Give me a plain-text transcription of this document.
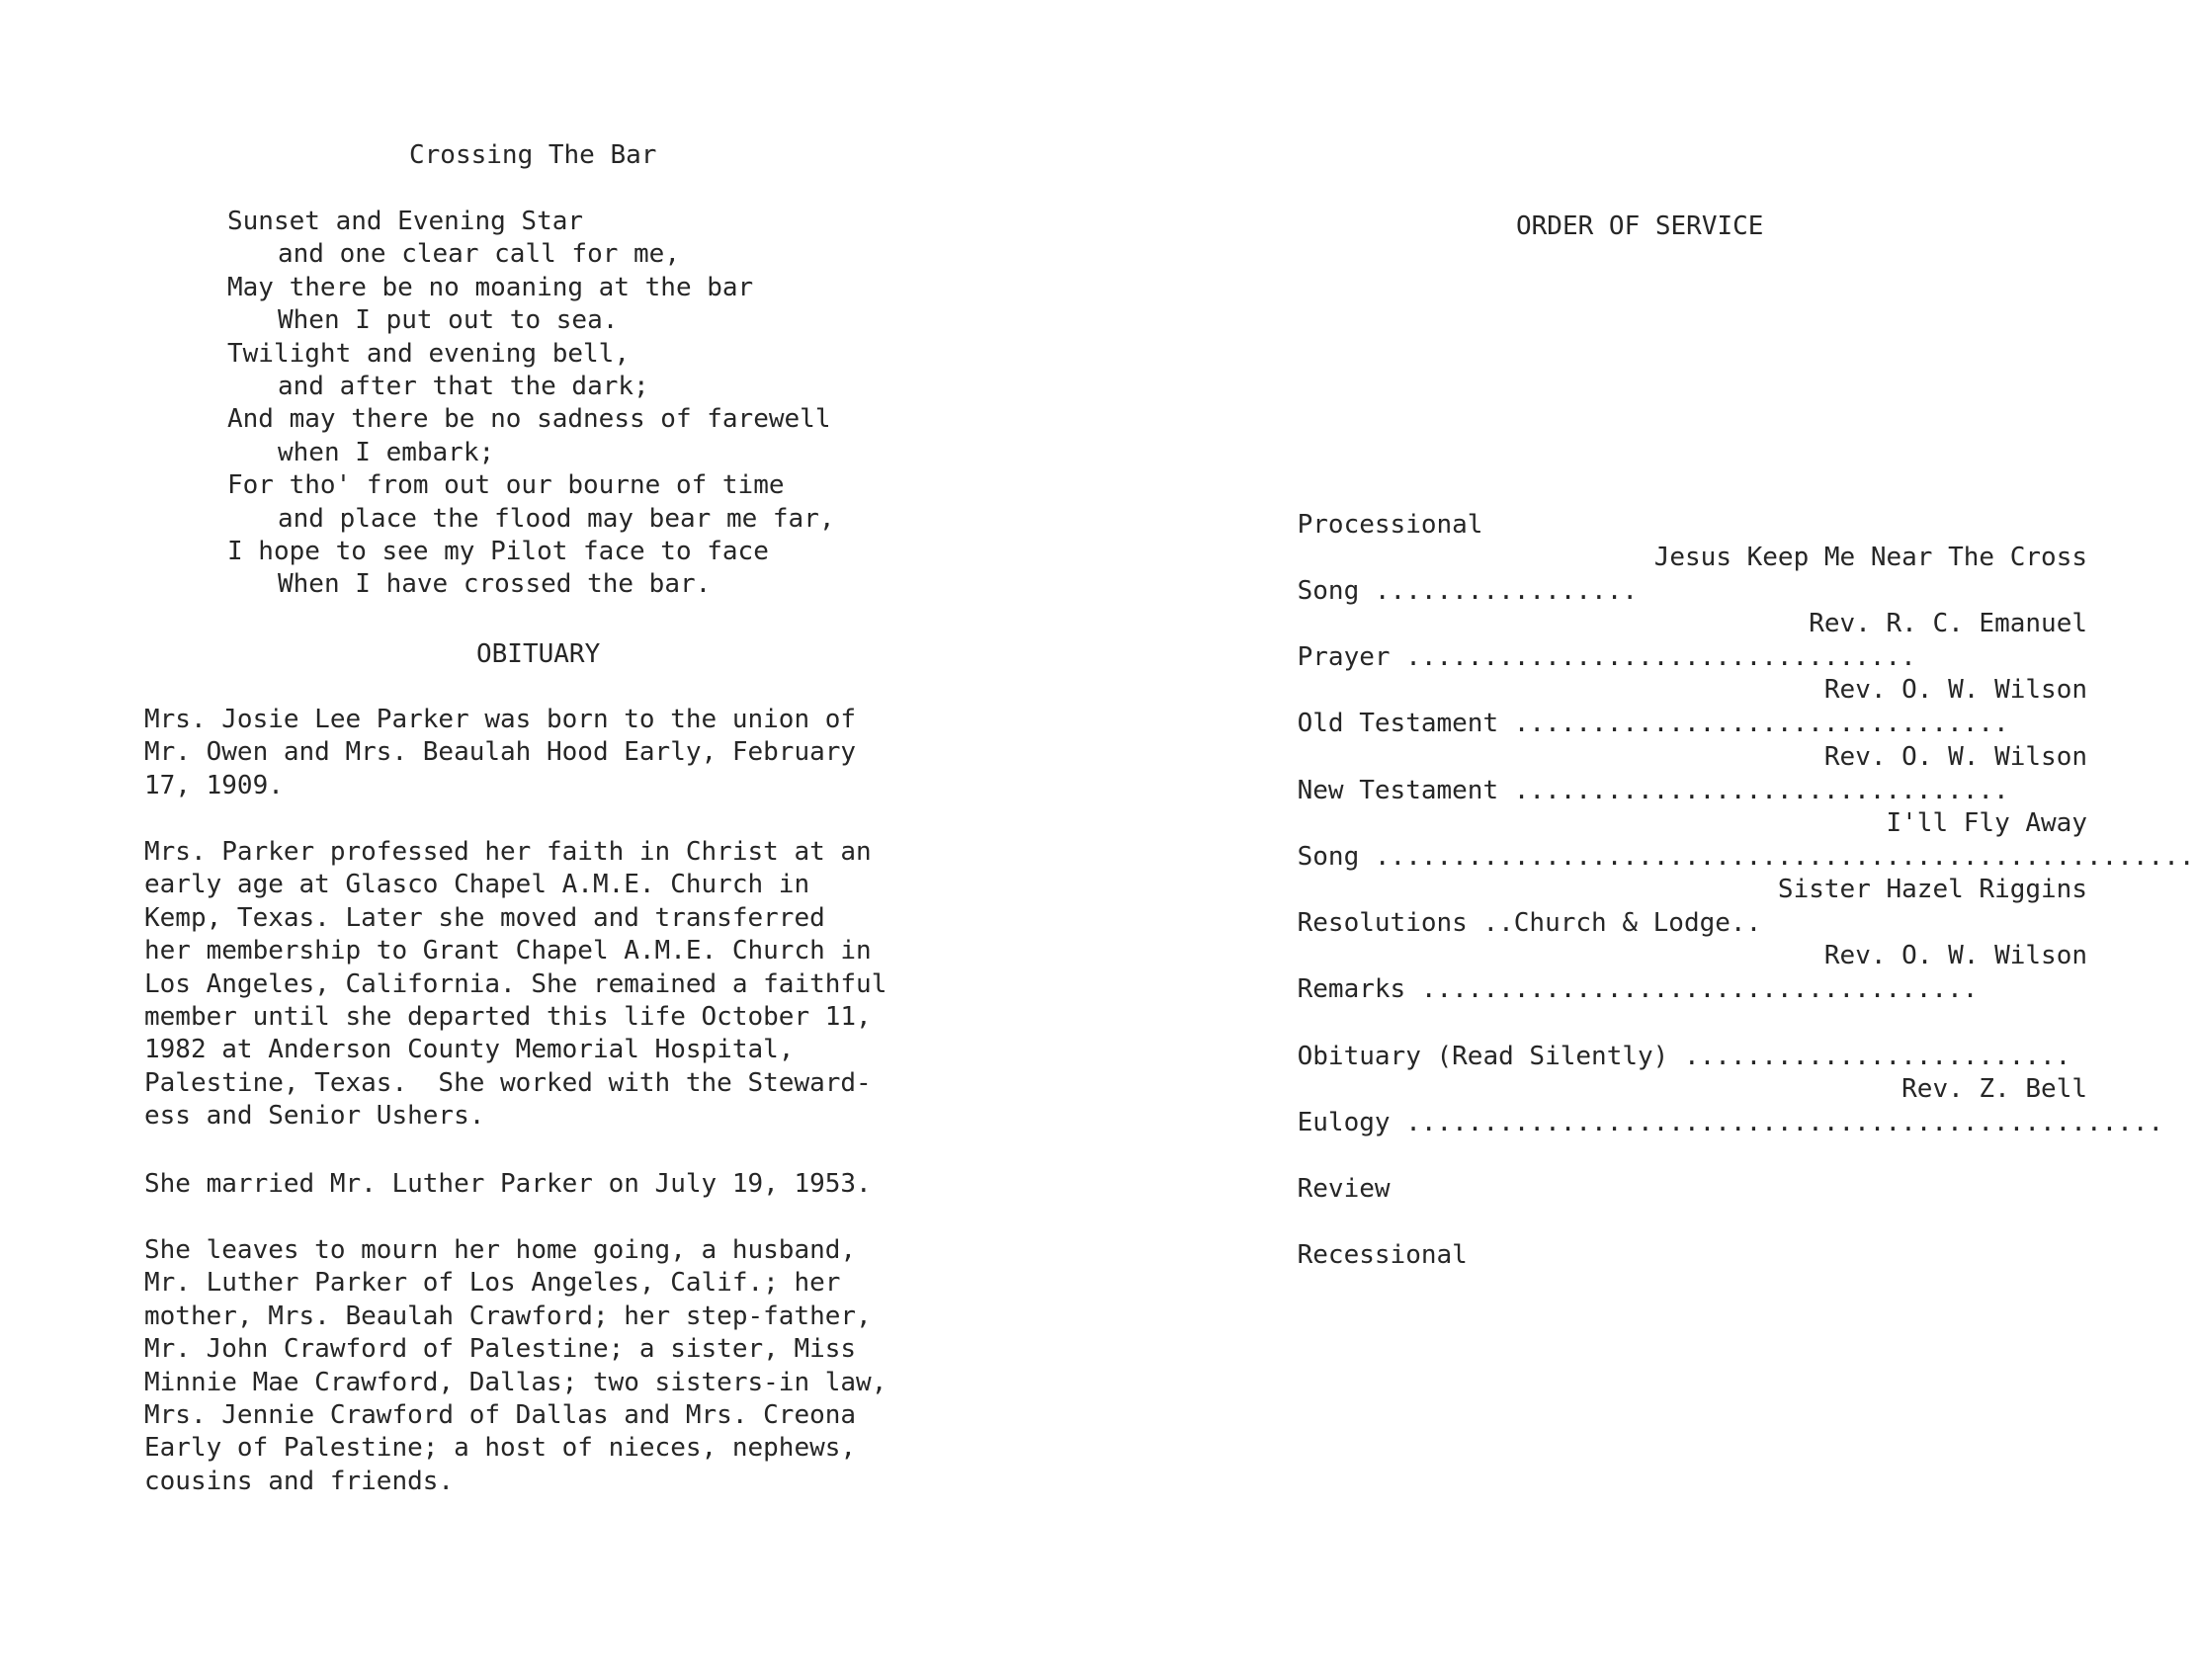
Crossing The Bar
Sunset and Evening Star
and one clear call for me,
May there be no moaning at the bar
When I put out to sea.
Twilight and evening bell,
and after that the dark;
And may there be no sadness of farewell
when I embark;
For tho' from out our bourne of time
and place the flood may bear me far,
I hope to see my Pilot face to face
When I have crossed the bar.
OBITUARY
Mrs. Josie Lee Parker was born to the union of
Mr. Owen and Mrs. Beaulah Hood Early, February
17, 1909.
Mrs. Parker professed her faith in Christ at an
early age at Glasco Chapel A.M.E. Church in
Kemp, Texas. Later she moved and transferred
her membership to Grant Chapel A.M.E. Church in
Los Angeles, California. She remained a faithful
member until she departed this life October 11,
1982 at Anderson County Memorial Hospital,
Palestine, Texas.  She worked with the Steward-
ess and Senior Ushers.
She married Mr. Luther Parker on July 19, 1953.
She leaves to mourn her home going, a husband,
Mr. Luther Parker of Los Angeles, Calif.; her
mother, Mrs. Beaulah Crawford; her step-father,
Mr. John Crawford of Palestine; a sister, Miss
Minnie Mae Crawford, Dallas; two sisters-in law,
Mrs. Jennie Crawford of Dallas and Mrs. Creona
Early of Palestine; a host of nieces, nephews,
cousins and friends.
ORDER OF SERVICE

Processional

Song .................

Jesus Keep Me Near The Cross

Prayer .................................

Rev. R. C. Emanuel

Old Testament ................................

Rev. O. W. Wilson

New Testament ................................

Rev. O. W. Wilson

Song .....................................................

I'll Fly Away

Resolutions ..Church & Lodge..

Sister Hazel Riggins

Remarks ....................................

Rev. O. W. Wilson

Obituary (Read Silently) .........................

Eulogy .................................................

Rev. Z. Bell

Review

Recessional
